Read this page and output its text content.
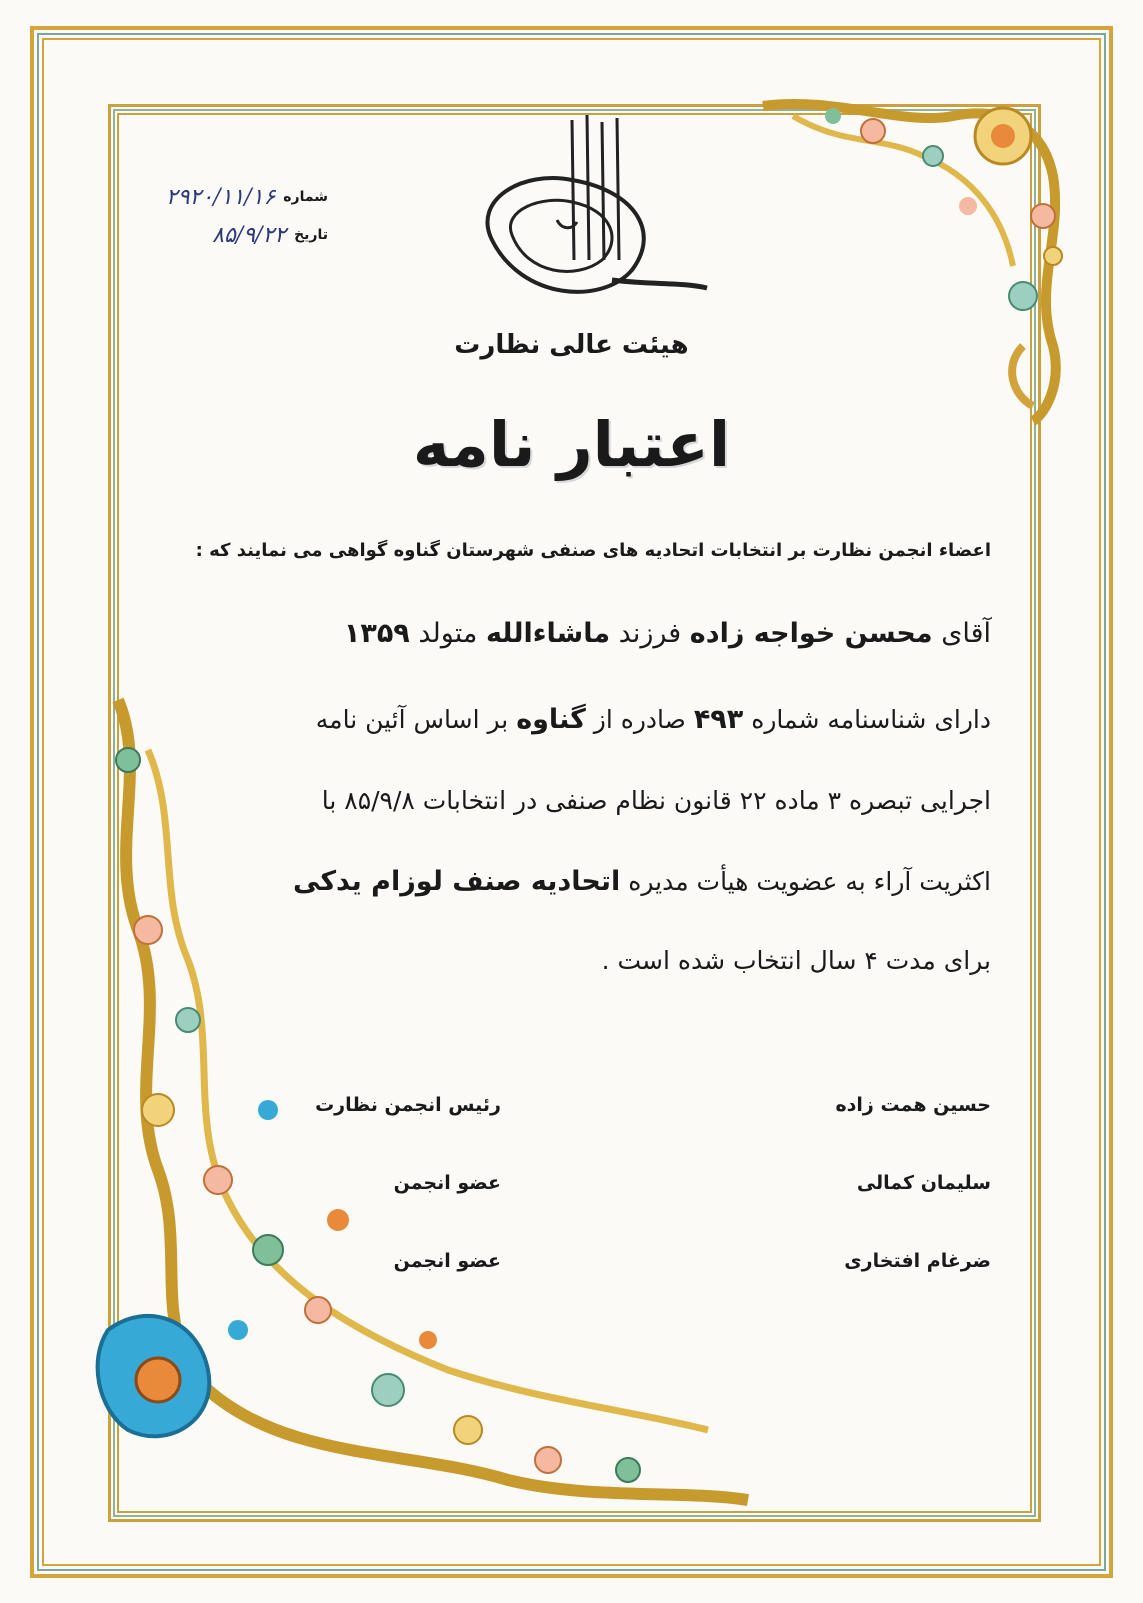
۲۹۲۰/۱۱/۱۶ شماره
۸۵/۹/۲۲ تاریخ
هیئت عالی نظارت
اعتبار نامه
اعضاء انجمن نظارت بر انتخابات اتحادیه های صنفی شهرستان گناوه گواهی می نمایند که :
آقای محسن خواجه زاده فرزند ماشاءالله متولد ۱۳۵۹
دارای شناسنامه شماره ۴۹۳ صادره از گناوه بر اساس آئین نامه
اجرایی تبصره ۳ ماده ۲۲ قانون نظام صنفی در انتخابات ۸۵/۹/۸ با
اکثریت آراء به عضویت هیأت مدیره اتحادیه صنف لوزام یدکی
برای مدت ۴ سال انتخاب شده است .
حسین همت زاده
رئیس انجمن نظارت
سلیمان کمالی
عضو انجمن
ضرغام افتخاری
عضو انجمن
